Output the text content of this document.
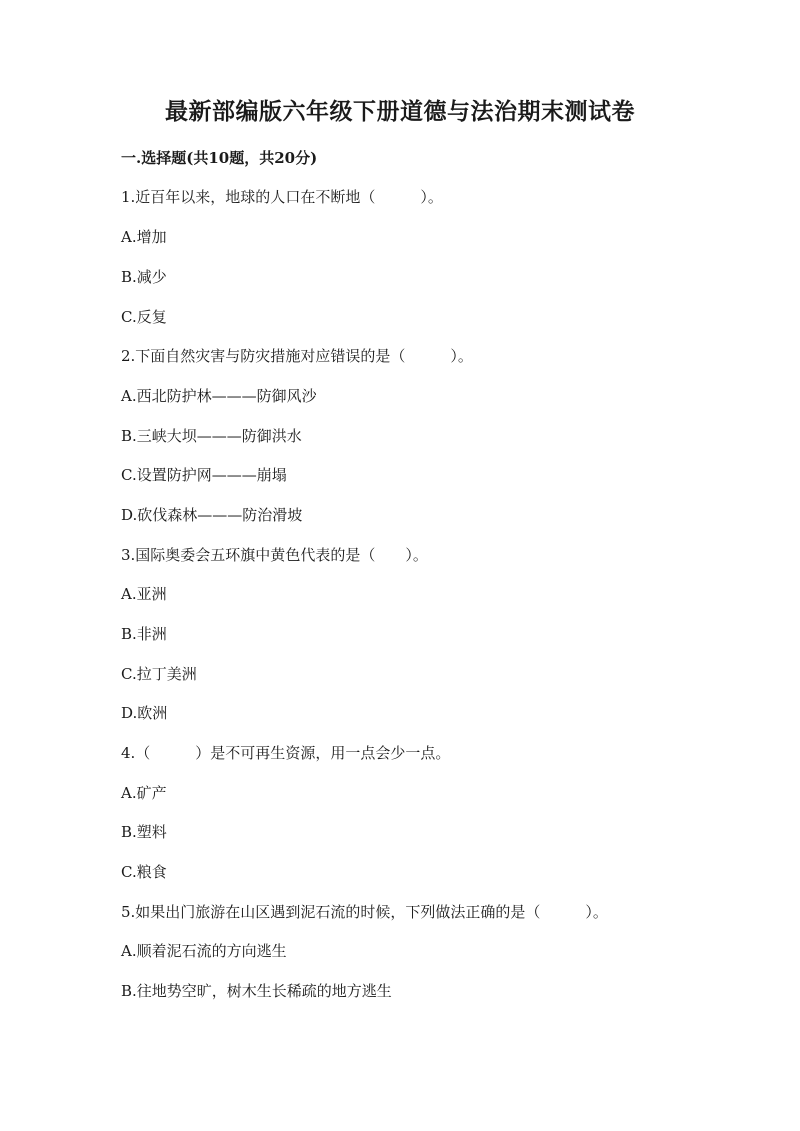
最新部编版六年级下册道德与法治期末测试卷
一.选择题(共10题，共20分)
1.近百年以来，地球的人口在不断地（　　　）。
A.增加
B.减少
C.反复
2.下面自然灾害与防灾措施对应错误的是（　　　）。
A.西北防护林———防御风沙
B.三峡大坝———防御洪水
C.设置防护网———崩塌
D.砍伐森林———防治滑坡
3.国际奥委会五环旗中黄色代表的是（　　）。
A.亚洲
B.非洲
C.拉丁美洲
D.欧洲
4.（　　　）是不可再生资源，用一点会少一点。
A.矿产
B.塑料
C.粮食
5.如果出门旅游在山区遇到泥石流的时候，下列做法正确的是（　　　）。
A.顺着泥石流的方向逃生
B.往地势空旷，树木生长稀疏的地方逃生
